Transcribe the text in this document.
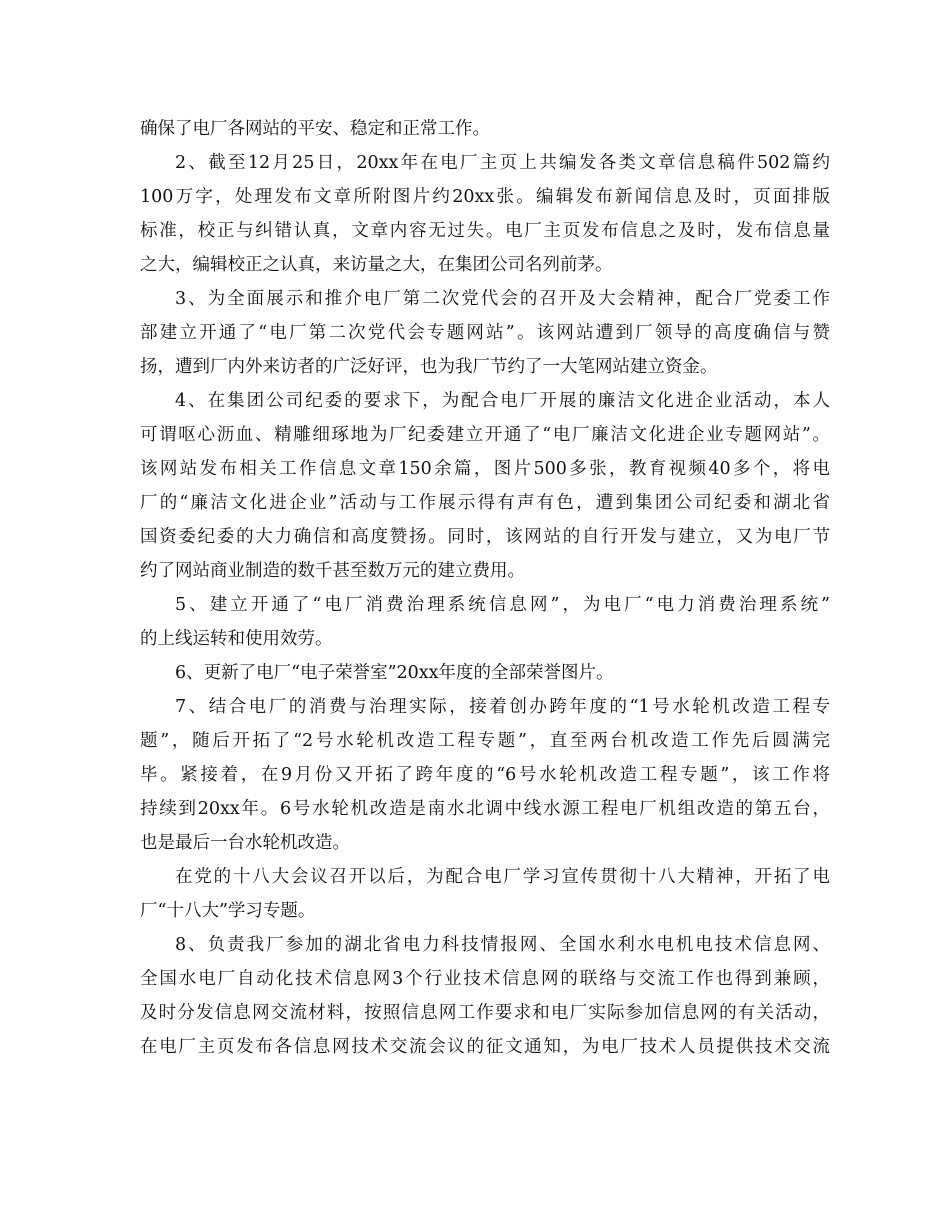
确保了电厂各网站的平安、稳定和正常工作。
2、截至12月25日，20xx年在电厂主页上共编发各类文章信息稿件502篇约
100万字，处理发布文章所附图片约20xx张。编辑发布新闻信息及时，页面排版
标准，校正与纠错认真，文章内容无过失。电厂主页发布信息之及时，发布信息量
之大，编辑校正之认真，来访量之大，在集团公司名列前茅。
3、为全面展示和推介电厂第二次党代会的召开及大会精神，配合厂党委工作
部建立开通了“电厂第二次党代会专题网站”。该网站遭到厂领导的高度确信与赞
扬，遭到厂内外来访者的广泛好评，也为我厂节约了一大笔网站建立资金。
4、在集团公司纪委的要求下，为配合电厂开展的廉洁文化进企业活动，本人
可谓呕心沥血、精雕细琢地为厂纪委建立开通了“电厂廉洁文化进企业专题网站”。
该网站发布相关工作信息文章150余篇，图片500多张，教育视频40多个，将电
厂的“廉洁文化进企业”活动与工作展示得有声有色，遭到集团公司纪委和湖北省
国资委纪委的大力确信和高度赞扬。同时，该网站的自行开发与建立，又为电厂节
约了网站商业制造的数千甚至数万元的建立费用。
5、建立开通了“电厂消费治理系统信息网”，为电厂“电力消费治理系统”
的上线运转和使用效劳。
6、更新了电厂“电子荣誉室”20xx年度的全部荣誉图片。
7、结合电厂的消费与治理实际，接着创办跨年度的“1号水轮机改造工程专
题”，随后开拓了“2号水轮机改造工程专题”，直至两台机改造工作先后圆满完
毕。紧接着，在9月份又开拓了跨年度的“6号水轮机改造工程专题”，该工作将
持续到20xx年。6号水轮机改造是南水北调中线水源工程电厂机组改造的第五台，
也是最后一台水轮机改造。
在党的十八大会议召开以后，为配合电厂学习宣传贯彻十八大精神，开拓了电
厂“十八大”学习专题。
8、负责我厂参加的湖北省电力科技情报网、全国水利水电机电技术信息网、
全国水电厂自动化技术信息网3个行业技术信息网的联络与交流工作也得到兼顾，
及时分发信息网交流材料，按照信息网工作要求和电厂实际参加信息网的有关活动，
在电厂主页发布各信息网技术交流会议的征文通知，为电厂技术人员提供技术交流
